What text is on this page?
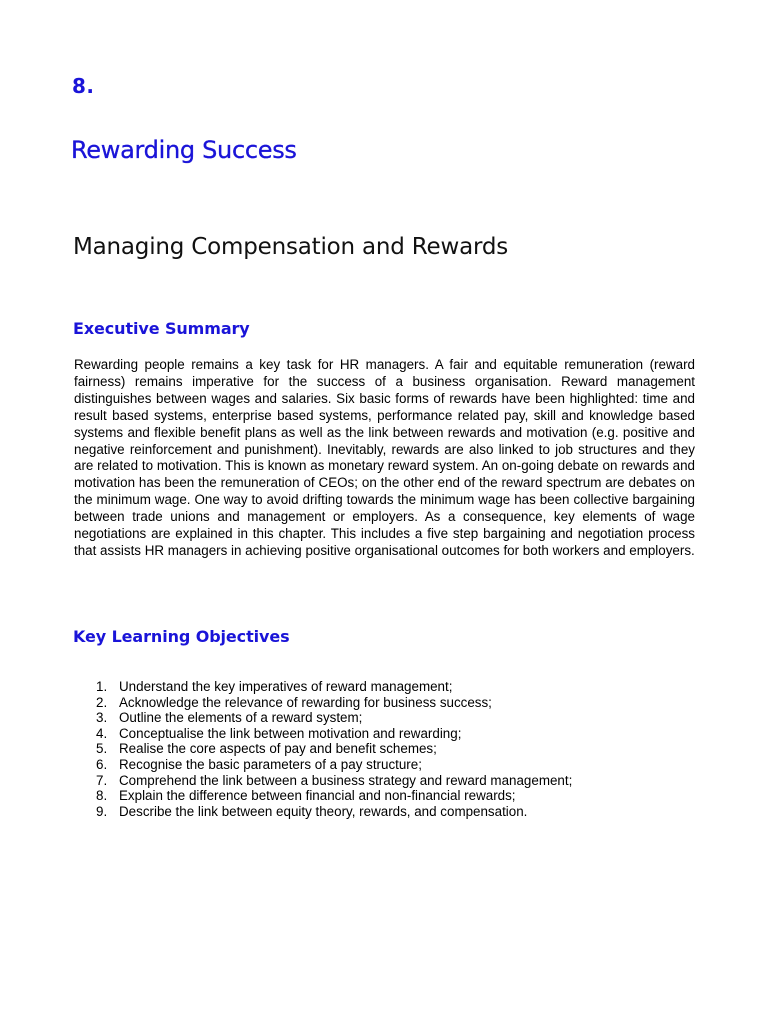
8.
Rewarding Success
Managing Compensation and Rewards
Executive Summary

Rewarding people remains a key task for HR managers. A fair and equitable remuneration (reward fairness) remains imperative for the success of a business organisation. Reward management distinguishes between wages and salaries. Six basic forms of rewards have been highlighted: time and result based systems, enterprise based systems, performance related pay, skill and knowledge based systems and flexible benefit plans as well as the link between rewards and motivation (e.g. positive and negative reinforcement and punishment). Inevitably, rewards are also linked to job structures and they are related to motivation. This is known as monetary reward system. An on-going debate on rewards and motivation has been the remuneration of CEOs; on the other end of the reward spectrum are debates on the minimum wage. One way to avoid drifting towards the minimum wage has been collective bargaining between trade unions and management or employers. As a consequence, key elements of wage negotiations are explained in this chapter. This includes a five step bargaining and negotiation process that assists HR managers in achieving positive organisational outcomes for both workers and employers.

Key Learning Objectives
1. Understand the key imperatives of reward management;
2. Acknowledge the relevance of rewarding for business success;
3. Outline the elements of a reward system;
4. Conceptualise the link between motivation and rewarding;
5. Realise the core aspects of pay and benefit schemes;
6. Recognise the basic parameters of a pay structure;
7. Comprehend the link between a business strategy and reward management;
8. Explain the difference between financial and non-financial rewards;
9. Describe the link between equity theory, rewards, and compensation.
